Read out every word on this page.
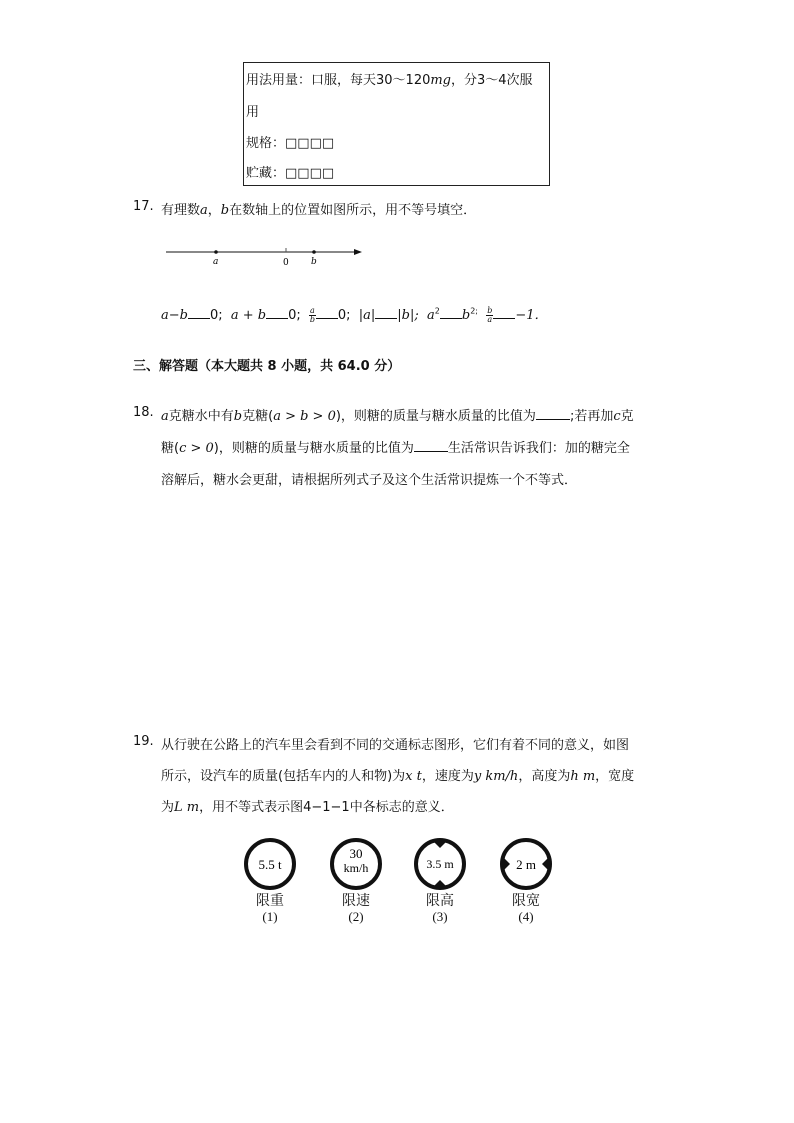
用法用量：口服，每天30～120mg，分3～4次服
用
规格：□□□□
贮藏：□□□□
17. 有理数a，b在数轴上的位置如图所示，用不等号填空．
a	0 b
a−b 0; a + b 0; $\frac{a}{b} 0$; |a| |b|; $a^2$ $b^{2;} \frac{b}{a} -1$．
三、解答题（本大题共 8 小题，共 64.0 分）
18. a克糖水中有b克糖(a > b > 0)，则糖的质量与糖水质量的比值为	;若再加c克
糖(c > 0)，则糖的质量与糖水质量的比值为	生活常识告诉我们：加的糖完全
溶解后，糖水会更甜，请根据所列式子及这个生活常识提炼一个不等式．
19. 从行驶在公路上的汽车里会看到不同的交通标志图形，它们有着不同的意义，如图
所示，设汽车的质量(包括车内的人和物)为x t，速度为y km/h，高度为h m，宽度
为L m，用不等式表示图4−1−1中各标志的意义．
5.5 t
30
km/h	3.5 m	2 m
限重	限速	限高	限宽
(1)	(2)	(3)	(4)
